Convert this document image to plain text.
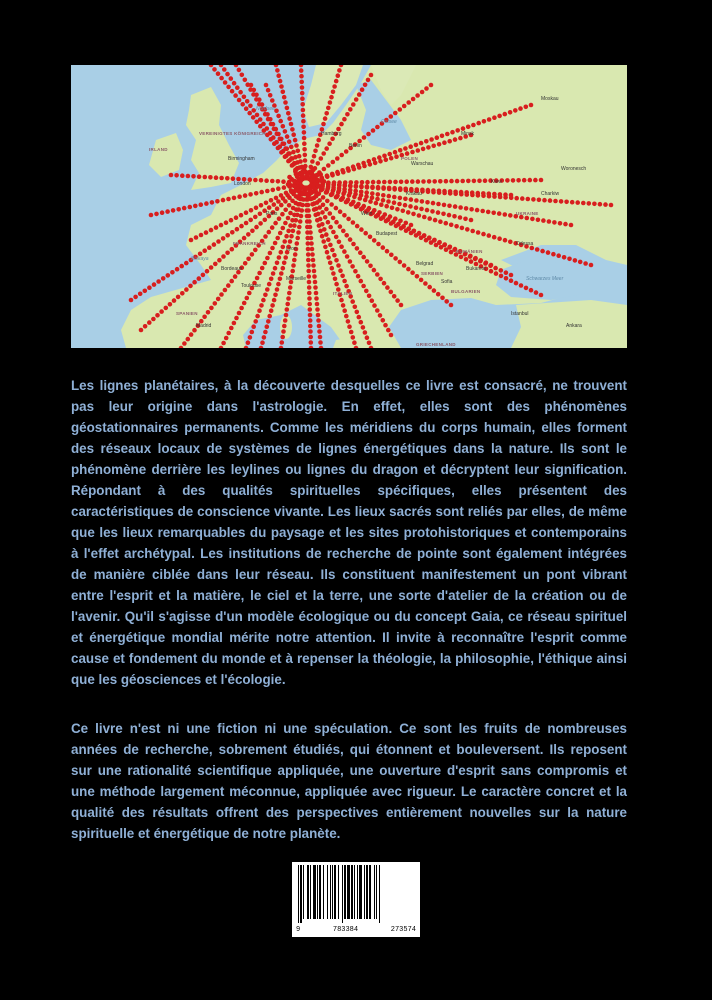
VEREINIGTES KÖNIGREICH
IRLAND
FRANKREICH
SPANIEN
POLEN
UKRAINE
RUMÄNIEN
SERBIEN
BULGARIEN
ITALIEN
GRIECHENLAND
Moskau
Woronesch
Charkiw
Warschau
Minsk
Birmingham
London
Paris
Berlin
Hamburg
Budapest
Bukarest
Belgrad
Istanbul
Ankara
Madrid
Toulouse
Bordeaux
Krakau
Wien
Lyon
Marseille
Kiew
Odessa
Sofia
Nordsee
Ostsee
Biskaya
Schwarzes Meer

Les lignes planétaires, à la découverte desquelles ce livre est consacré, ne trouvent pas leur origine dans l'astrologie. En effet, elles sont des phénomènes géostationnaires permanents. Comme les méridiens du corps humain, elles forment des réseaux locaux de systèmes de lignes énergétiques dans la nature. Ils sont le phénomène derrière les leylines ou lignes du dragon et décryptent leur signification. Répondant à des qualités spirituelles spécifiques, elles présentent des caractéristiques de conscience vivante. Les lieux sacrés sont reliés par elles, de même que les lieux remarquables du paysage et les sites protohistoriques et contemporains à l'effet archétypal. Les institutions de recherche de pointe sont également intégrées de manière ciblée dans leur réseau. Ils constituent manifestement un pont vibrant entre l'esprit et la matière, le ciel et la terre, une sorte d'atelier de la création ou de l'avenir. Qu'il s'agisse d'un modèle écologique ou du concept Gaia, ce réseau spirituel et énergétique mondial mérite notre attention. Il invite à reconnaître l'esprit comme cause et fondement du monde et à repenser la théologie, la philosophie, l'éthique ainsi que les géosciences et l'écologie.

Ce livre n'est ni une fiction ni une spéculation. Ce sont les fruits de nombreuses années de recherche, sobrement étudiés, qui étonnent et bouleversent. Ils reposent sur une rationalité scientifique appliquée, une ouverture d'esprit sans compromis et une méthode largement méconnue, appliquée avec rigueur. Le caractère concret et la qualité des résultats offrent des perspectives entièrement nouvelles sur la nature spirituelle et énergétique de notre planète.

9	783384	273574
